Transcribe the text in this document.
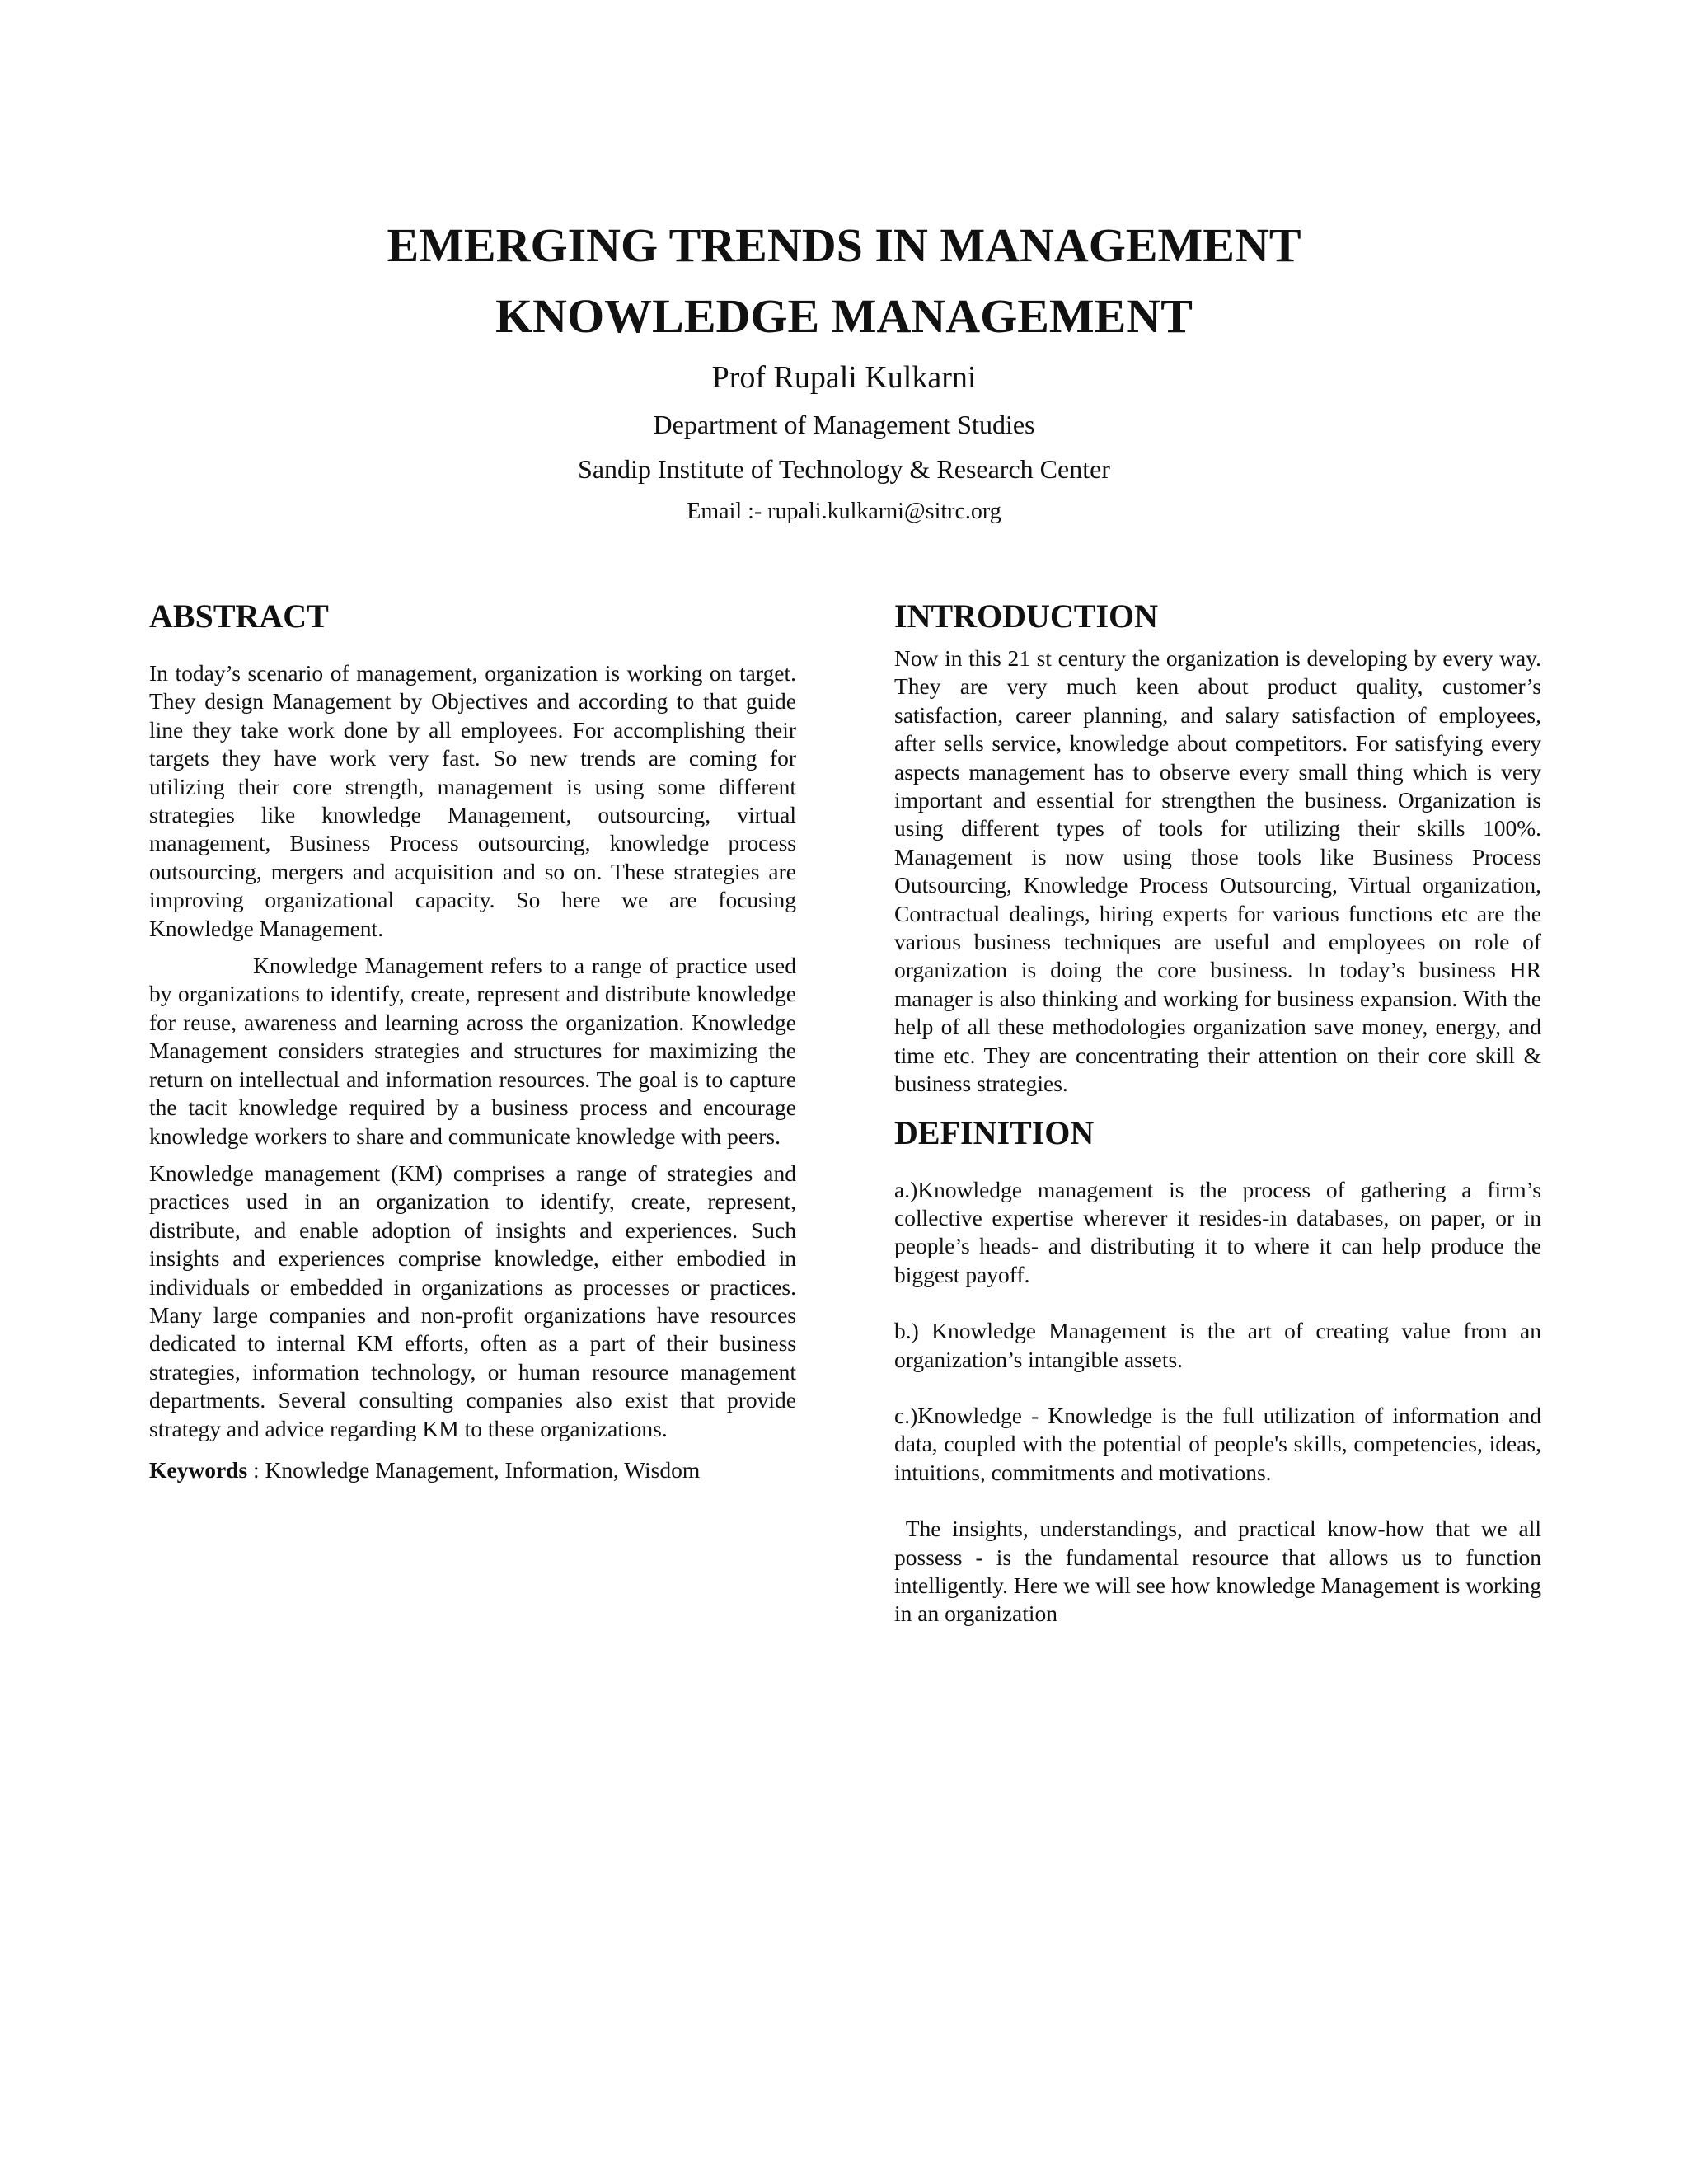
EMERGING TRENDS IN MANAGEMENT

KNOWLEDGE MANAGEMENT

Prof Rupali Kulkarni

Department of Management Studies

Sandip Institute of Technology & Research Center

Email :- rupali.kulkarni@sitrc.org

ABSTRACT

In today’s scenario of management, organization is working on target. They design Management by Objectives and according to that guide line they take work done by all employees. For accomplishing their targets they have work very fast. So new trends are coming for utilizing their core strength, management is using some different strategies like knowledge Management, outsourcing, virtual management, Business Process outsourcing, knowledge process outsourcing, mergers and acquisition and so on. These strategies are improving organizational capacity. So here we are focusing Knowledge Management.

Knowledge Management refers to a range of practice used by organizations to identify, create, represent and distribute knowledge for reuse, awareness and learning across the organization. Knowledge Management considers strategies and structures for maximizing the return on intellectual and information resources. The goal is to capture the tacit knowledge required by a business process and encourage knowledge workers to share and communicate knowledge with peers.

Knowledge management (KM) comprises a range of strategies and practices used in an organization to identify, create, represent, distribute, and enable adoption of insights and experiences. Such insights and experiences comprise knowledge, either embodied in individuals or embedded in organizations as processes or practices. Many large companies and non-profit organizations have resources dedicated to internal KM efforts, often as a part of their business strategies, information technology, or human resource management departments. Several consulting companies also exist that provide strategy and advice regarding KM to these organizations.

Keywords : Knowledge Management, Information, Wisdom

INTRODUCTION

Now in this 21 st century the organization is developing by every way. They are very much keen about product quality, customer’s satisfaction, career planning, and salary satisfaction of employees, after sells service, knowledge about competitors. For satisfying every aspects management has to observe every small thing which is very important and essential for strengthen the business. Organization is using different types of tools for utilizing their skills 100%. Management is now using those tools like Business Process Outsourcing, Knowledge Process Outsourcing, Virtual organization, Contractual dealings, hiring experts for various functions etc are the various business techniques are useful and employees on role of organization is doing the core business. In today’s business HR manager is also thinking and working for business expansion. With the help of all these methodologies organization save money, energy, and time etc. They are concentrating their attention on their core skill & business strategies.

DEFINITION

a.)Knowledge management is the process of gathering a firm’s collective expertise wherever it resides-in databases, on paper, or in people’s heads- and distributing it to where it can help produce the biggest payoff.

b.) Knowledge Management is the art of creating value from an organization’s intangible assets.

c.)Knowledge - Knowledge is the full utilization of information and data, coupled with the potential of people's skills, competencies, ideas, intuitions, commitments and motivations.

The insights, understandings, and practical know-how that we all possess - is the fundamental resource that allows us to function intelligently. Here we will see how knowledge Management is working in an organization
